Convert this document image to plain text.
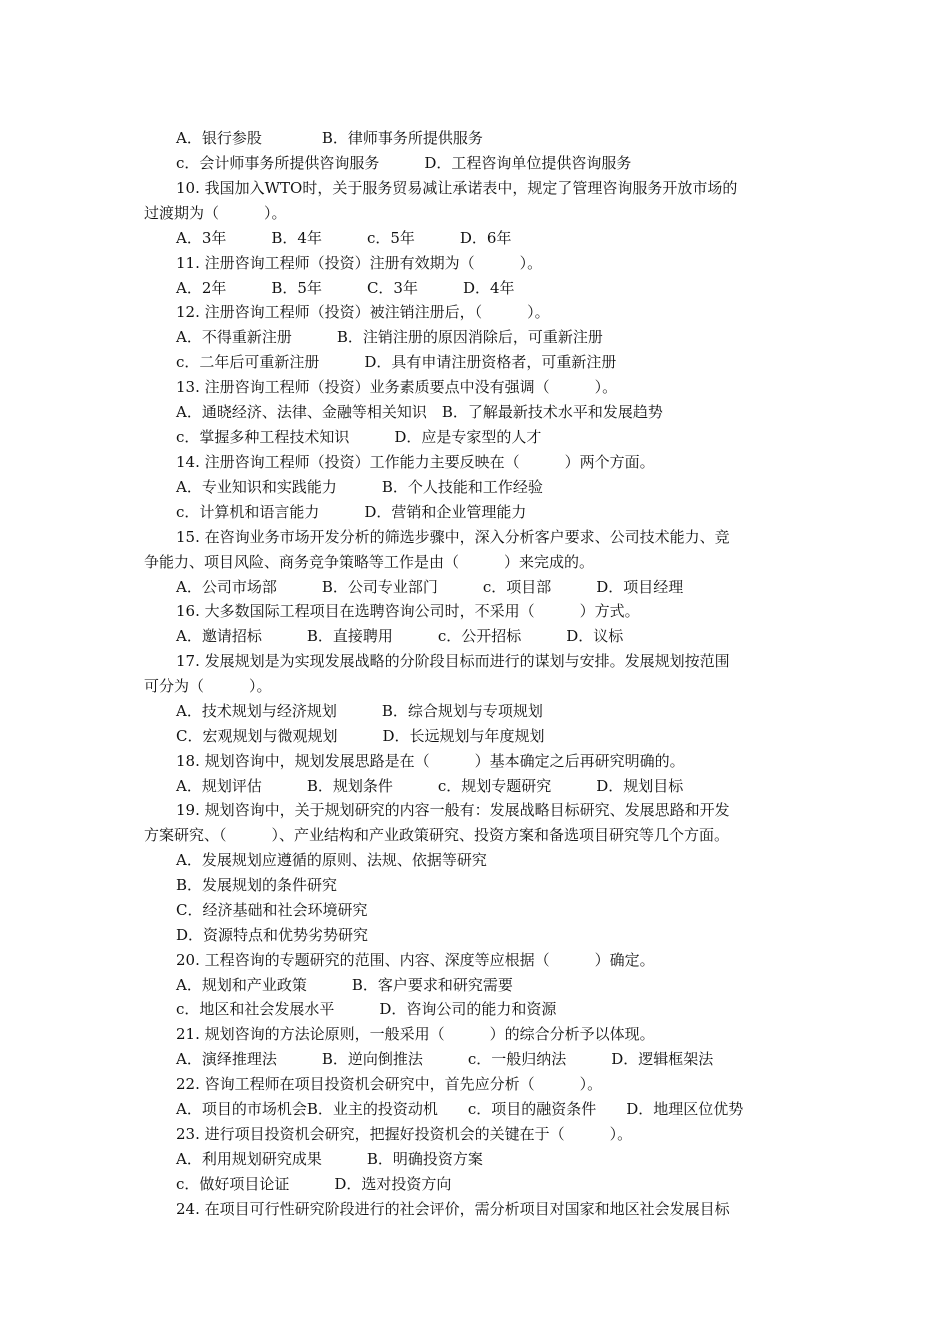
A．银行参股　　　　B．律师事务所提供服务
c．会计师事务所提供咨询服务　　　D．工程咨询单位提供咨询服务
10. 我国加入WTO时，关于服务贸易减让承诺表中，规定了管理咨询服务开放市场的
过渡期为（　　　）。
A．3年　　　B．4年　　　c．5年　　　D．6年
11. 注册咨询工程师（投资）注册有效期为（　　　）。
A．2年　　　B．5年　　　C．3年　　　D．4年
12. 注册咨询工程师（投资）被注销注册后，（　　　）。
A．不得重新注册　　　B．注销注册的原因消除后，可重新注册
c．二年后可重新注册　　　D．具有申请注册资格者，可重新注册
13. 注册咨询工程师（投资）业务素质要点中没有强调（　　　）。
A．通晓经济、法律、金融等相关知识　B．了解最新技术水平和发展趋势
c．掌握多种工程技术知识　　　D．应是专家型的人才
14. 注册咨询工程师（投资）工作能力主要反映在（　　　）两个方面。
A．专业知识和实践能力　　　B．个人技能和工作经验
c．计算机和语言能力　　　D．营销和企业管理能力
15. 在咨询业务市场开发分析的筛选步骤中，深入分析客户要求、公司技术能力、竞
争能力、项目风险、商务竞争策略等工作是由（　　　）来完成的。
A．公司市场部　　　B．公司专业部门　　　c．项目部　　　D．项目经理
16. 大多数国际工程项目在选聘咨询公司时，不采用（　　　）方式。
A．邀请招标　　　B．直接聘用　　　c．公开招标　　　D．议标
17. 发展规划是为实现发展战略的分阶段目标而进行的谋划与安排。发展规划按范围
可分为（　　　）。
A．技术规划与经济规划　　　B．综合规划与专项规划
C．宏观规划与微观规划　　　D．长远规划与年度规划
18. 规划咨询中，规划发展思路是在（　　　）基本确定之后再研究明确的。
A．规划评估　　　B．规划条件　　　c．规划专题研究　　　D．规划目标
19. 规划咨询中，关于规划研究的内容一般有：发展战略目标研究、发展思路和开发
方案研究、（　　　）、产业结构和产业政策研究、投资方案和备选项目研究等几个方面。
A．发展规划应遵循的原则、法规、依据等研究
B．发展规划的条件研究
C．经济基础和社会环境研究
D．资源特点和优势劣势研究
20. 工程咨询的专题研究的范围、内容、深度等应根据（　　　）确定。
A．规划和产业政策　　　B．客户要求和研究需要
c．地区和社会发展水平　　　D．咨询公司的能力和资源
21. 规划咨询的方法论原则，一般采用（　　　）的综合分析予以体现。
A．演绎推理法　　　B．逆向倒推法　　　c．一般归纳法　　　D．逻辑框架法
22. 咨询工程师在项目投资机会研究中，首先应分析（　　　）。
A．项目的市场机会B．业主的投资动机　　c．项目的融资条件　　D．地理区位优势
23. 进行项目投资机会研究，把握好投资机会的关键在于（　　　）。
A．利用规划研究成果　　　B．明确投资方案
c．做好项目论证　　　D．选对投资方向
24. 在项目可行性研究阶段进行的社会评价，需分析项目对国家和地区社会发展目标
